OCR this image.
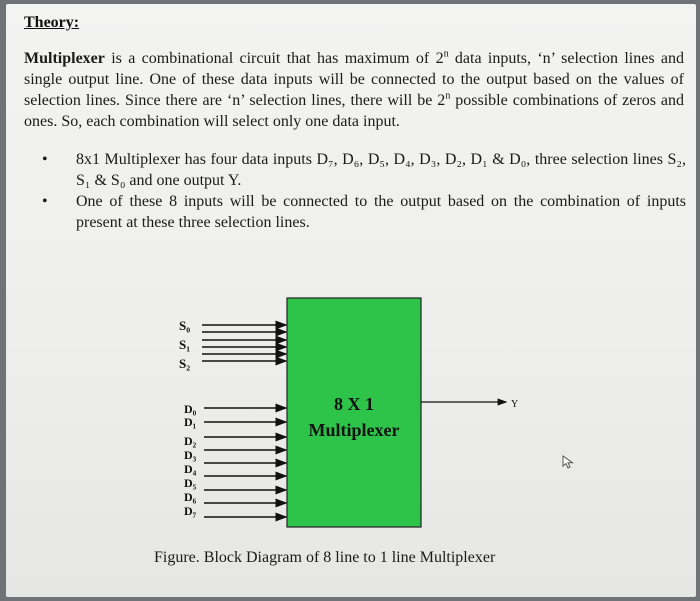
Theory:
Multiplexer is a combinational circuit that has maximum of 2$^n$ data inputs, ‘n’ selection lines and single output line. One of these data inputs will be connected to the output based on the values of selection lines. Since there are ‘n’ selection lines, there will be 2$^n$ possible combinations of zeros and ones. So, each combination will select only one data input.
• 8x1 Multiplexer has four data inputs D₇, D₆, D₅, D₄, D₃, D₂, D₁ & D₀, three selection lines S₂, S₁ & S₀ and one output Y.
• One of these 8 inputs will be connected to the output based on the combination of inputs present at these three selection lines.
S₀
S₁
S₂
D₀
D₁
D₂
D₃
D₄
D₅
D₆
D₇
8 X 1
Multiplexer
Y
Figure. Block Diagram of 8 line to 1 line Multiplexer
